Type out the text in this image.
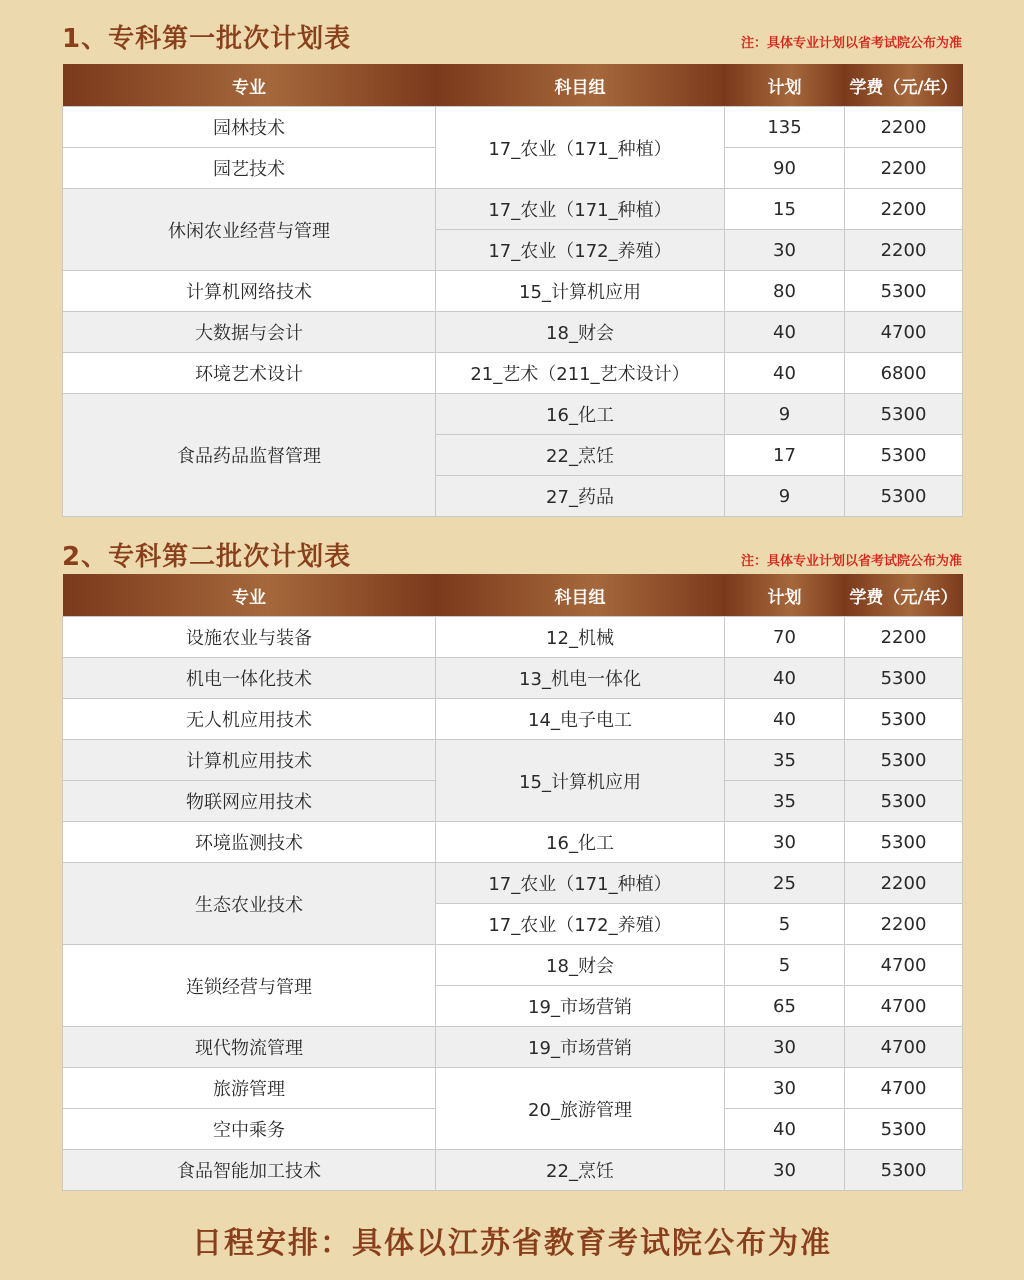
1、专科第一批次计划表	注：具体专业计划以省考试院公布为准
专业	科目组	计划	学费（元/年）
园林技术	17_农业（171_种植）	135	2200
园艺技术		90	2200
休闲农业经营与管理	17_农业（171_种植）	15	2200
	17_农业（172_养殖）	30	2200
计算机网络技术	15_计算机应用	80	5300
大数据与会计	18_财会	40	4700
环境艺术设计	21_艺术（211_艺术设计）	40	6800
食品药品监督管理	16_化工	9	5300
	22_烹饪	17	5300
	27_药品	9	5300
2、专科第二批次计划表	注：具体专业计划以省考试院公布为准
专业	科目组	计划	学费（元/年）
设施农业与装备	12_机械	70	2200
机电一体化技术	13_机电一体化	40	5300
无人机应用技术	14_电子电工	40	5300
计算机应用技术	15_计算机应用	35	5300
物联网应用技术		35	5300
环境监测技术	16_化工	30	5300
生态农业技术	17_农业（171_种植）	25	2200
	17_农业（172_养殖）	5	2200
连锁经营与管理	18_财会	5	4700
	19_市场营销	65	4700
现代物流管理	19_市场营销	30	4700
旅游管理	20_旅游管理	30	4700
空中乘务		40	5300
食品智能加工技术	22_烹饪	30	5300
日程安排：具体以江苏省教育考试院公布为准
